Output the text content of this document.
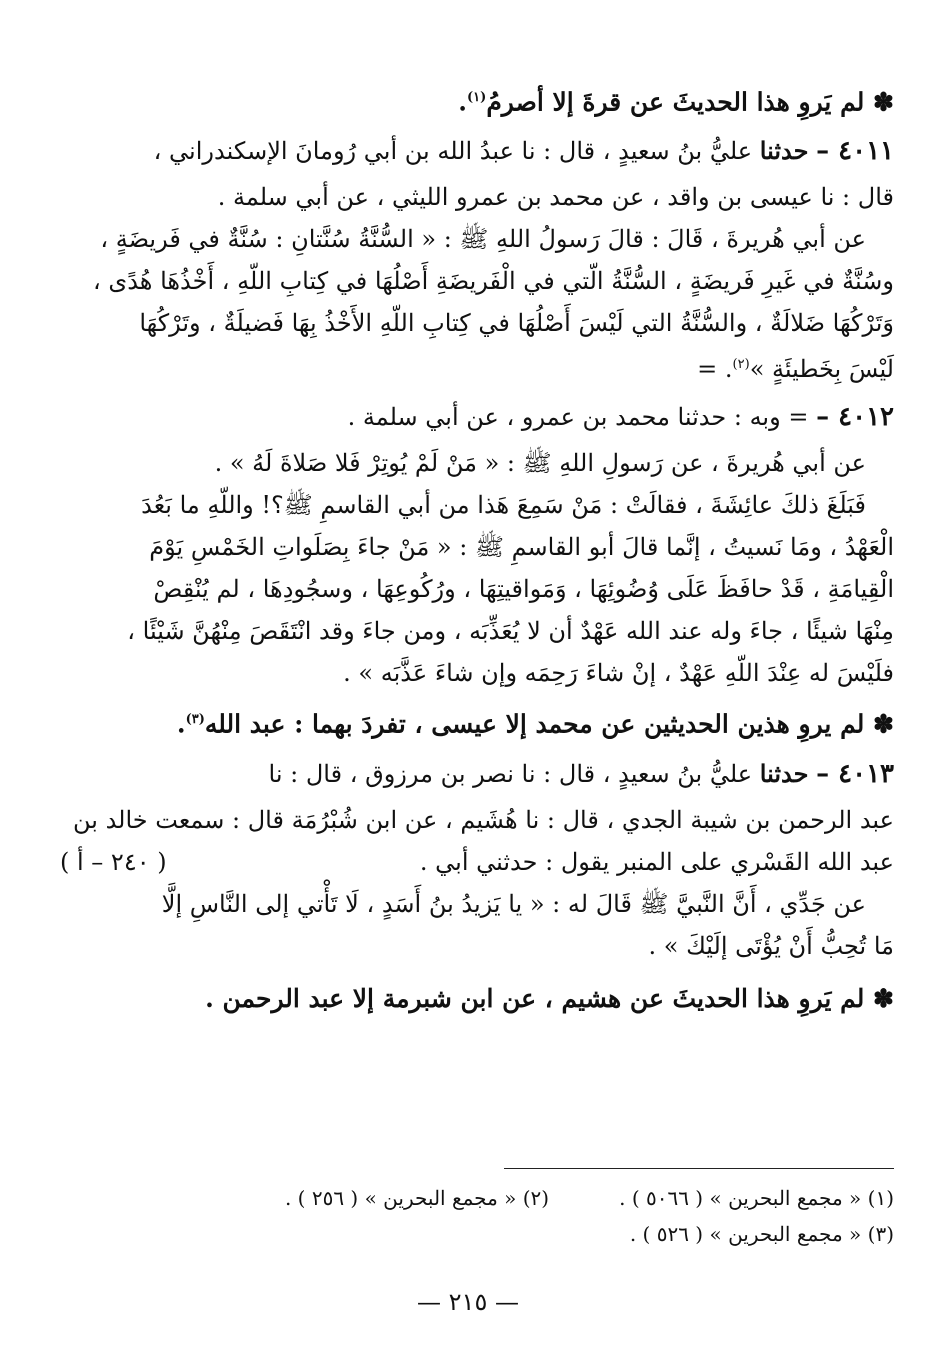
✽ لم يَروِ هذا الحديثَ عن قرةَ إلا أصرمُ$^{(١)}$.

٤٠١١ – حدثنا عليُّ بنُ سعيدٍ ، قال : نا عبدُ الله بن أبي رُومانَ الإسكندراني ،

قال : نا عيسى بن واقد ، عن محمد بن عمرو الليثي ، عن أبي سلمة .

عن أبي هُريرةَ ، قَالَ : قالَ رَسولُ اللهِ ﷺ : « السُّنَّةُ سُنَّتانِ : سُنَّةٌ في فَريضَةٍ ،

وسُنَّةٌ في غَيرِ فَريضَةٍ ، السُّنَّةُ الّتي في الْفَريضَةِ أَصْلُهَا في كِتابِ اللّهِ ، أَخْذُهَا هُدًى ،

وَتَرْكُهَا ضَلالَةٌ ، والسُّنَّةُ التي لَيْسَ أَصْلُهَا في كِتابِ اللّهِ الأَخْذُ بِهَا فَضيلَةٌ ، وتَرْكُهَا

لَيْسَ بِخَطيئَةٍ »$^{(٢)}$. =

٤٠١٢ – = وبه : حدثنا محمد بن عمرو ، عن أبي سلمة .

عن أبي هُريرةَ ، عن رَسولِ اللهِ ﷺ : « مَنْ لَمْ يُوتِرْ فَلا صَلاةَ لَهُ » .

فَبَلَغَ ذلكَ عائِشَةَ ، فقالَتْ : مَنْ سَمِعَ هَذا من أبي القاسمِ ﷺ؟! واللّهِ ما بَعُدَ

الْعَهْدُ ، ومَا نَسيتُ ، إنَّما قالَ أبو القاسمِ ﷺ : « مَنْ جاءَ بِصَلَواتِ الخَمْسِ يَوْمَ

الْقِيامَةِ ، قَدْ حافَظَ عَلَى وُضُوئِهَا ، وَمَواقيتِهَا ، ورُكُوعِهَا ، وسجُودِهَا ، لم يُنْقِصْ

مِنْهَا شيئًا ، جاءَ وله عند الله عَهْدٌ أن لا يُعَذِّبَه ، ومن جاءَ وقد انْتَقَصَ مِنْهُنَّ شَيْئًا ،

فلَيْسَ له عِنْدَ اللّهِ عَهْدٌ ، إنْ شاءَ رَحِمَه وإن شاءَ عَذَّبَه » .

✽ لم يروِ هذين الحديثين عن محمد إلا عيسى ، تفردَ بهما : عبد الله$^{(٣)}$.

٤٠١٣ – حدثنا عليُّ بنُ سعيدٍ ، قال : نا نصر بن مرزوق ، قال : نا

عبد الرحمن بن شيبة الجدي ، قال : نا هُشَيم ، عن ابن شُبْرُمَة قال : سمعت خالد بن

عبد الله القَسْري على المنبر يقول : حدثني أبي .
( ٢٤٠ – أ )

عن جَدِّي ، أَنَّ النَّبيَّ ﷺ قَالَ له : « يا يَزيدُ بنُ أَسَدٍ ، لَا تَأْتي إلى النَّاسِ إلَّا

مَا تُحِبُّ أَنْ يُؤْتَى إلَيْكَ » .

✽ لم يَروِ هذا الحديثَ عن هشيم ، عن ابن شبرمة إلا عبد الرحمن .

(١) « مجمع البحرين » ( ٥٠٦٦ ) .
(٢) « مجمع البحرين » ( ٢٥٦ ) .
(٣) « مجمع البحرين » ( ٥٢٦ ) .
— ٢١٥ —
